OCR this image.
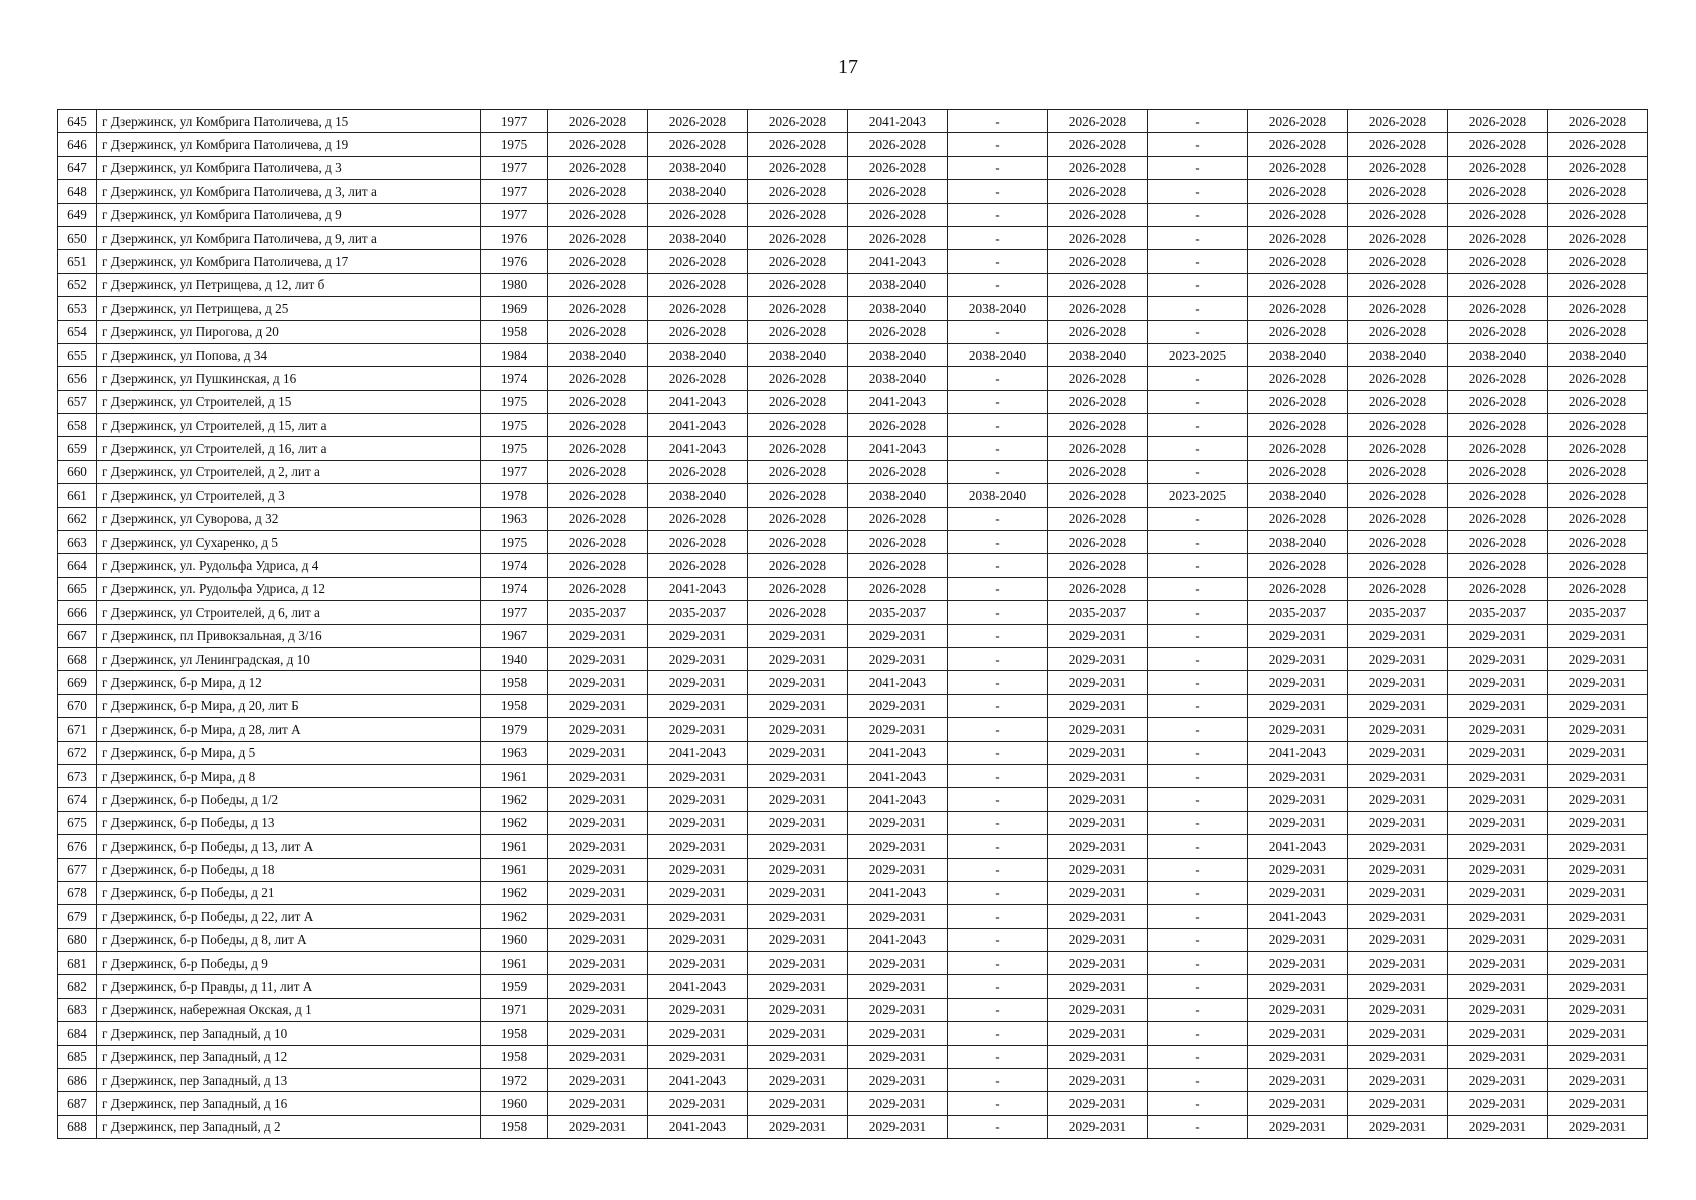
17
645	г Дзержинск, ул Комбрига Патоличева, д 15	1977	2026-2028	2026-2028	2026-2028	2041-2043	-	2026-2028	-	2026-2028	2026-2028	2026-2028	2026-2028
646	г Дзержинск, ул Комбрига Патоличева, д 19	1975	2026-2028	2026-2028	2026-2028	2026-2028	-	2026-2028	-	2026-2028	2026-2028	2026-2028	2026-2028
647	г Дзержинск, ул Комбрига Патоличева, д 3	1977	2026-2028	2038-2040	2026-2028	2026-2028	-	2026-2028	-	2026-2028	2026-2028	2026-2028	2026-2028
648	г Дзержинск, ул Комбрига Патоличева, д 3, лит а	1977	2026-2028	2038-2040	2026-2028	2026-2028	-	2026-2028	-	2026-2028	2026-2028	2026-2028	2026-2028
649	г Дзержинск, ул Комбрига Патоличева, д 9	1977	2026-2028	2026-2028	2026-2028	2026-2028	-	2026-2028	-	2026-2028	2026-2028	2026-2028	2026-2028
650	г Дзержинск, ул Комбрига Патоличева, д 9, лит а	1976	2026-2028	2038-2040	2026-2028	2026-2028	-	2026-2028	-	2026-2028	2026-2028	2026-2028	2026-2028
651	г Дзержинск, ул Комбрига Патоличева, д 17	1976	2026-2028	2026-2028	2026-2028	2041-2043	-	2026-2028	-	2026-2028	2026-2028	2026-2028	2026-2028
652	г Дзержинск, ул Петрищева, д 12, лит б	1980	2026-2028	2026-2028	2026-2028	2038-2040	-	2026-2028	-	2026-2028	2026-2028	2026-2028	2026-2028
653	г Дзержинск, ул Петрищева, д 25	1969	2026-2028	2026-2028	2026-2028	2038-2040	2038-2040	2026-2028	-	2026-2028	2026-2028	2026-2028	2026-2028
654	г Дзержинск, ул Пирогова, д 20	1958	2026-2028	2026-2028	2026-2028	2026-2028	-	2026-2028	-	2026-2028	2026-2028	2026-2028	2026-2028
655	г Дзержинск, ул Попова, д 34	1984	2038-2040	2038-2040	2038-2040	2038-2040	2038-2040	2038-2040	2023-2025	2038-2040	2038-2040	2038-2040	2038-2040
656	г Дзержинск, ул Пушкинская, д 16	1974	2026-2028	2026-2028	2026-2028	2038-2040	-	2026-2028	-	2026-2028	2026-2028	2026-2028	2026-2028
657	г Дзержинск, ул Строителей, д 15	1975	2026-2028	2041-2043	2026-2028	2041-2043	-	2026-2028	-	2026-2028	2026-2028	2026-2028	2026-2028
658	г Дзержинск, ул Строителей, д 15, лит а	1975	2026-2028	2041-2043	2026-2028	2026-2028	-	2026-2028	-	2026-2028	2026-2028	2026-2028	2026-2028
659	г Дзержинск, ул Строителей, д 16, лит а	1975	2026-2028	2041-2043	2026-2028	2041-2043	-	2026-2028	-	2026-2028	2026-2028	2026-2028	2026-2028
660	г Дзержинск, ул Строителей, д 2, лит а	1977	2026-2028	2026-2028	2026-2028	2026-2028	-	2026-2028	-	2026-2028	2026-2028	2026-2028	2026-2028
661	г Дзержинск, ул Строителей, д 3	1978	2026-2028	2038-2040	2026-2028	2038-2040	2038-2040	2026-2028	2023-2025	2038-2040	2026-2028	2026-2028	2026-2028
662	г Дзержинск, ул Суворова, д 32	1963	2026-2028	2026-2028	2026-2028	2026-2028	-	2026-2028	-	2026-2028	2026-2028	2026-2028	2026-2028
663	г Дзержинск, ул Сухаренко, д 5	1975	2026-2028	2026-2028	2026-2028	2026-2028	-	2026-2028	-	2038-2040	2026-2028	2026-2028	2026-2028
664	г Дзержинск, ул. Рудольфа Удриса, д 4	1974	2026-2028	2026-2028	2026-2028	2026-2028	-	2026-2028	-	2026-2028	2026-2028	2026-2028	2026-2028
665	г Дзержинск, ул. Рудольфа Удриса, д 12	1974	2026-2028	2041-2043	2026-2028	2026-2028	-	2026-2028	-	2026-2028	2026-2028	2026-2028	2026-2028
666	г Дзержинск, ул Строителей, д 6, лит а	1977	2035-2037	2035-2037	2026-2028	2035-2037	-	2035-2037	-	2035-2037	2035-2037	2035-2037	2035-2037
667	г Дзержинск, пл Привокзальная, д 3/16	1967	2029-2031	2029-2031	2029-2031	2029-2031	-	2029-2031	-	2029-2031	2029-2031	2029-2031	2029-2031
668	г Дзержинск, ул Ленинградская, д 10	1940	2029-2031	2029-2031	2029-2031	2029-2031	-	2029-2031	-	2029-2031	2029-2031	2029-2031	2029-2031
669	г Дзержинск, б-р Мира, д 12	1958	2029-2031	2029-2031	2029-2031	2041-2043	-	2029-2031	-	2029-2031	2029-2031	2029-2031	2029-2031
670	г Дзержинск, б-р Мира, д 20, лит Б	1958	2029-2031	2029-2031	2029-2031	2029-2031	-	2029-2031	-	2029-2031	2029-2031	2029-2031	2029-2031
671	г Дзержинск, б-р Мира, д 28, лит А	1979	2029-2031	2029-2031	2029-2031	2029-2031	-	2029-2031	-	2029-2031	2029-2031	2029-2031	2029-2031
672	г Дзержинск, б-р Мира, д 5	1963	2029-2031	2041-2043	2029-2031	2041-2043	-	2029-2031	-	2041-2043	2029-2031	2029-2031	2029-2031
673	г Дзержинск, б-р Мира, д 8	1961	2029-2031	2029-2031	2029-2031	2041-2043	-	2029-2031	-	2029-2031	2029-2031	2029-2031	2029-2031
674	г Дзержинск, б-р Победы, д 1/2	1962	2029-2031	2029-2031	2029-2031	2041-2043	-	2029-2031	-	2029-2031	2029-2031	2029-2031	2029-2031
675	г Дзержинск, б-р Победы, д 13	1962	2029-2031	2029-2031	2029-2031	2029-2031	-	2029-2031	-	2029-2031	2029-2031	2029-2031	2029-2031
676	г Дзержинск, б-р Победы, д 13, лит А	1961	2029-2031	2029-2031	2029-2031	2029-2031	-	2029-2031	-	2041-2043	2029-2031	2029-2031	2029-2031
677	г Дзержинск, б-р Победы, д 18	1961	2029-2031	2029-2031	2029-2031	2029-2031	-	2029-2031	-	2029-2031	2029-2031	2029-2031	2029-2031
678	г Дзержинск, б-р Победы, д 21	1962	2029-2031	2029-2031	2029-2031	2041-2043	-	2029-2031	-	2029-2031	2029-2031	2029-2031	2029-2031
679	г Дзержинск, б-р Победы, д 22, лит А	1962	2029-2031	2029-2031	2029-2031	2029-2031	-	2029-2031	-	2041-2043	2029-2031	2029-2031	2029-2031
680	г Дзержинск, б-р Победы, д 8, лит А	1960	2029-2031	2029-2031	2029-2031	2041-2043	-	2029-2031	-	2029-2031	2029-2031	2029-2031	2029-2031
681	г Дзержинск, б-р Победы, д 9	1961	2029-2031	2029-2031	2029-2031	2029-2031	-	2029-2031	-	2029-2031	2029-2031	2029-2031	2029-2031
682	г Дзержинск, б-р Правды, д 11, лит А	1959	2029-2031	2041-2043	2029-2031	2029-2031	-	2029-2031	-	2029-2031	2029-2031	2029-2031	2029-2031
683	г Дзержинск, набережная Окская, д 1	1971	2029-2031	2029-2031	2029-2031	2029-2031	-	2029-2031	-	2029-2031	2029-2031	2029-2031	2029-2031
684	г Дзержинск, пер Западный, д 10	1958	2029-2031	2029-2031	2029-2031	2029-2031	-	2029-2031	-	2029-2031	2029-2031	2029-2031	2029-2031
685	г Дзержинск, пер Западный, д 12	1958	2029-2031	2029-2031	2029-2031	2029-2031	-	2029-2031	-	2029-2031	2029-2031	2029-2031	2029-2031
686	г Дзержинск, пер Западный, д 13	1972	2029-2031	2041-2043	2029-2031	2029-2031	-	2029-2031	-	2029-2031	2029-2031	2029-2031	2029-2031
687	г Дзержинск, пер Западный, д 16	1960	2029-2031	2029-2031	2029-2031	2029-2031	-	2029-2031	-	2029-2031	2029-2031	2029-2031	2029-2031
688	г Дзержинск, пер Западный, д 2	1958	2029-2031	2041-2043	2029-2031	2029-2031	-	2029-2031	-	2029-2031	2029-2031	2029-2031	2029-2031
